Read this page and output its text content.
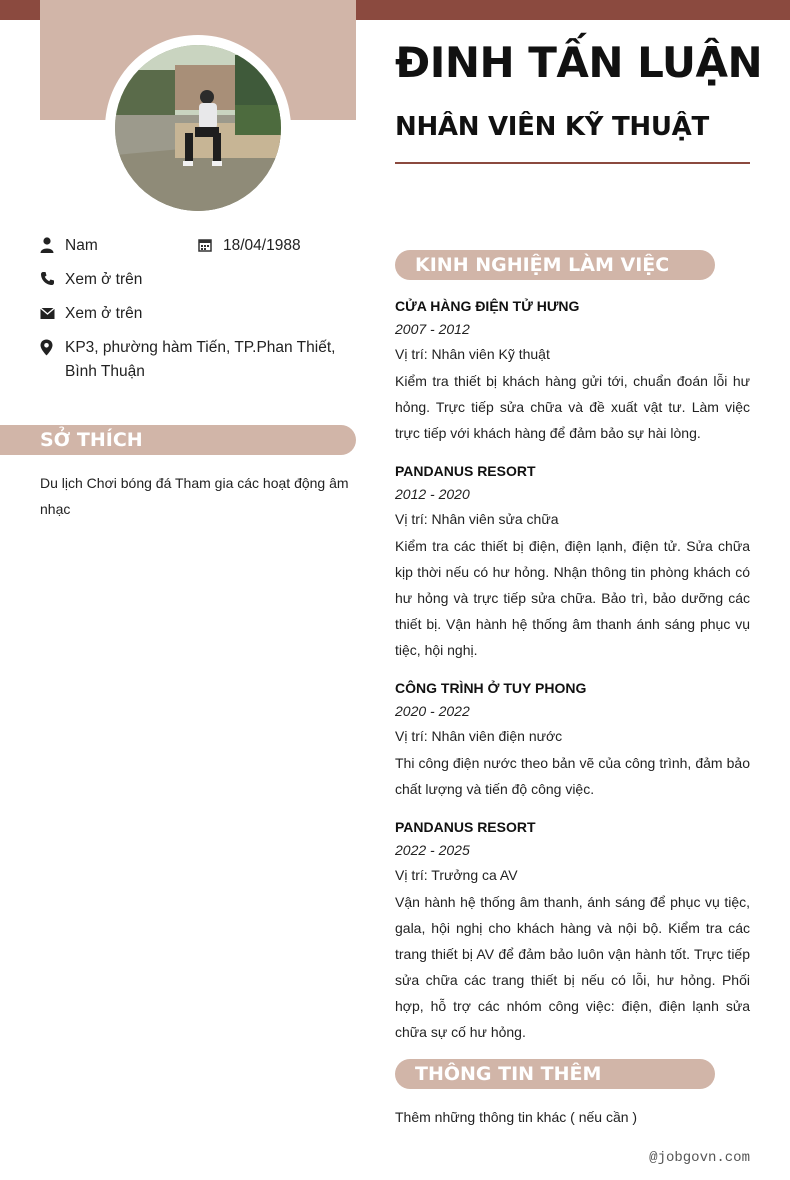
ĐINH TẤN LUẬN
NHÂN VIÊN KỸ THUẬT
Nam	18/04/1988
Xem ở trên
Xem ở trên
KP3, phường hàm Tiến, TP.Phan Thiết, Bình Thuận
SỞ THÍCH
Du lịch Chơi bóng đá Tham gia các hoạt động âm nhạc
KINH NGHIỆM LÀM VIỆC
CỬA HÀNG ĐIỆN TỬ HƯNG
2007 - 2012
Vị trí: Nhân viên Kỹ thuật
Kiểm tra thiết bị khách hàng gửi tới, chuẩn đoán lỗi hư hỏng. Trực tiếp sửa chữa và đề xuất vật tư. Làm việc trực tiếp với khách hàng để đảm bảo sự hài lòng.
PANDANUS RESORT
2012 - 2020
Vị trí: Nhân viên sửa chữa
Kiểm tra các thiết bị điện, điện lạnh, điện tử. Sửa chữa kịp thời nếu có hư hỏng. Nhận thông tin phòng khách có hư hỏng và trực tiếp sửa chữa. Bảo trì, bảo dưỡng các thiết bị. Vận hành hệ thống âm thanh ánh sáng phục vụ tiệc, hội nghị.
CÔNG TRÌNH Ở TUY PHONG
2020 - 2022
Vị trí: Nhân viên điện nước
Thi công điện nước theo bản vẽ của công trình, đảm bảo chất lượng và tiến độ công việc.
PANDANUS RESORT
2022 - 2025
Vị trí: Trưởng ca AV
Vận hành hệ thống âm thanh, ánh sáng để phục vụ tiệc, gala, hội nghị cho khách hàng và nội bộ. Kiểm tra các trang thiết bị AV để đảm bảo luôn vận hành tốt. Trực tiếp sửa chữa các trang thiết bị nếu có lỗi, hư hỏng. Phối hợp, hỗ trợ các nhóm công việc: điện, điện lạnh sửa chữa sự cố hư hỏng.
THÔNG TIN THÊM
Thêm những thông tin khác ( nếu cần )
@jobgovn.com
